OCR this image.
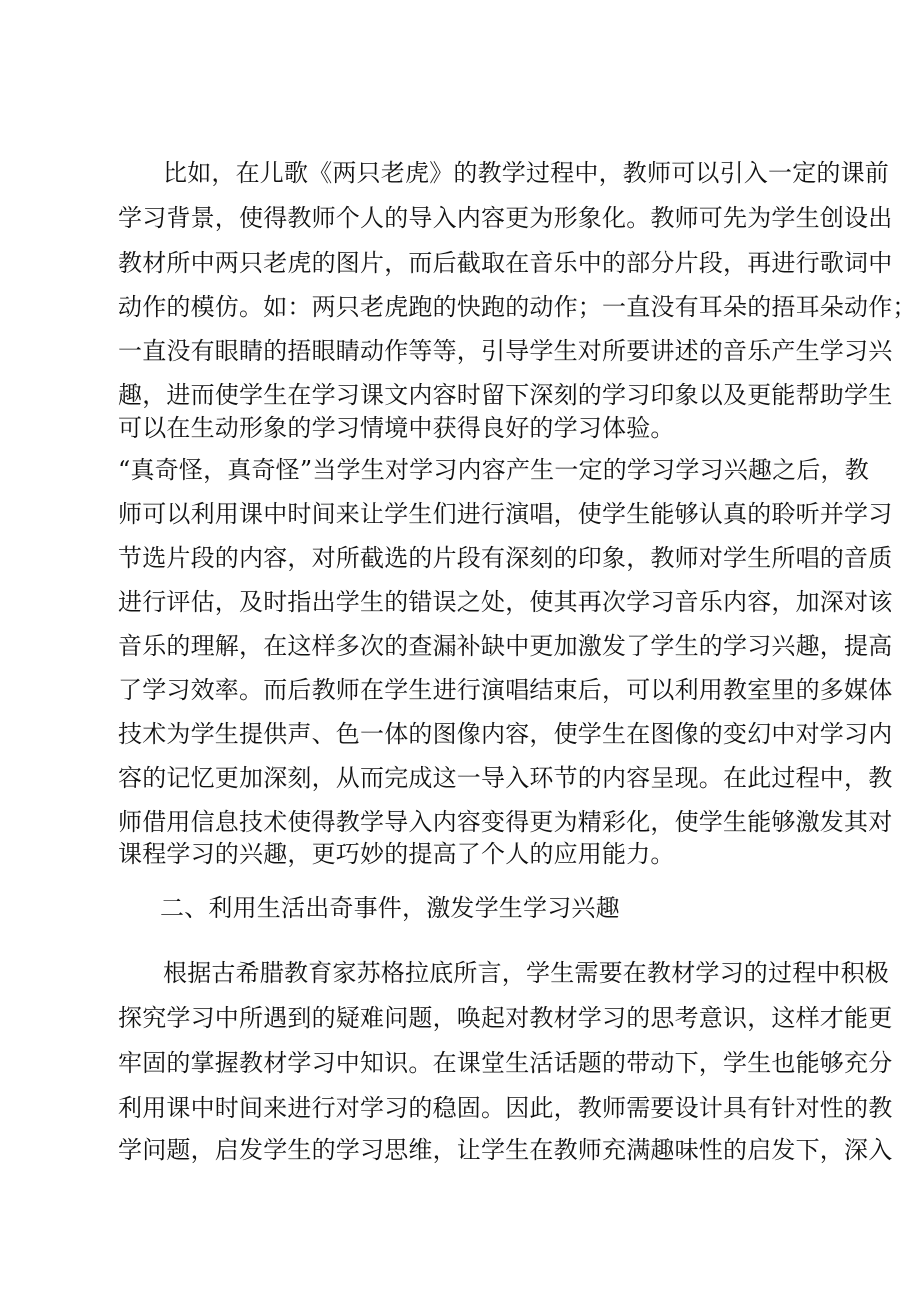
比如，在儿歌《两只老虎》的教学过程中，教师可以引入一定的课前
学习背景，使得教师个人的导入内容更为形象化。教师可先为学生创设出
教材所中两只老虎的图片，而后截取在音乐中的部分片段，再进行歌词中
动作的模仿。如：两只老虎跑的快跑的动作；一直没有耳朵的捂耳朵动作；
一直没有眼睛的捂眼睛动作等等，引导学生对所要讲述的音乐产生学习兴
趣，进而使学生在学习课文内容时留下深刻的学习印象以及更能帮助学生
可以在生动形象的学习情境中获得良好的学习体验。
“真奇怪，真奇怪”当学生对学习内容产生一定的学习学习兴趣之后，教
师可以利用课中时间来让学生们进行演唱，使学生能够认真的聆听并学习
节选片段的内容，对所截选的片段有深刻的印象，教师对学生所唱的音质
进行评估，及时指出学生的错误之处，使其再次学习音乐内容，加深对该
音乐的理解，在这样多次的查漏补缺中更加激发了学生的学习兴趣，提高
了学习效率。而后教师在学生进行演唱结束后，可以利用教室里的多媒体
技术为学生提供声、色一体的图像内容，使学生在图像的变幻中对学习内
容的记忆更加深刻，从而完成这一导入环节的内容呈现。在此过程中，教
师借用信息技术使得教学导入内容变得更为精彩化，使学生能够激发其对
课程学习的兴趣，更巧妙的提高了个人的应用能力。
二、利用生活出奇事件，激发学生学习兴趣
根据古希腊教育家苏格拉底所言，学生需要在教材学习的过程中积极
探究学习中所遇到的疑难问题，唤起对教材学习的思考意识，这样才能更
牢固的掌握教材学习中知识。在课堂生活话题的带动下，学生也能够充分
利用课中时间来进行对学习的稳固。因此，教师需要设计具有针对性的教
学问题，启发学生的学习思维，让学生在教师充满趣味性的启发下，深入
